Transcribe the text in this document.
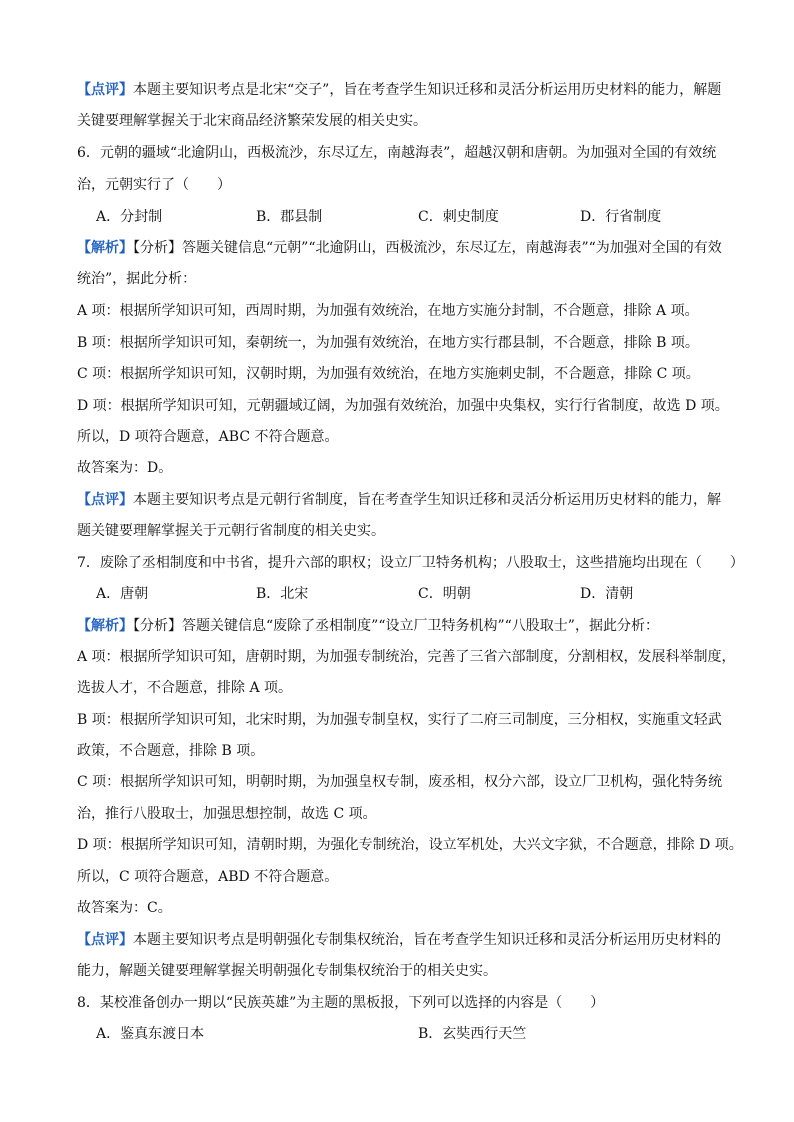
【点评】本题主要知识考点是北宋“交子”，旨在考查学生知识迁移和灵活分析运用历史材料的能力，解题
关键要理解掌握关于北宋商品经济繁荣发展的相关史实。
6．元朝的疆域“北逾阴山，西极流沙，东尽辽左，南越海表”，超越汉朝和唐朝。为加强对全国的有效统
治，元朝实行了（　　）
A．分封制	B．郡县制	C．刺史制度	D．行省制度
【解析】【分析】答题关键信息“元朝”“北逾阴山，西极流沙，东尽辽左，南越海表”“为加强对全国的有效
统治”，据此分析：
A 项：根据所学知识可知，西周时期，为加强有效统治，在地方实施分封制，不合题意，排除 A 项。
B 项：根据所学知识可知，秦朝统一，为加强有效统治，在地方实行郡县制，不合题意，排除 B 项。
C 项：根据所学知识可知，汉朝时期，为加强有效统治，在地方实施刺史制，不合题意，排除 C 项。
D 项：根据所学知识可知，元朝疆域辽阔，为加强有效统治，加强中央集权，实行行省制度，故选 D 项。
所以，D 项符合题意，ABC 不符合题意。
故答案为：D。
【点评】本题主要知识考点是元朝行省制度，旨在考查学生知识迁移和灵活分析运用历史材料的能力，解
题关键要理解掌握关于元朝行省制度的相关史实。
7．废除了丞相制度和中书省，提升六部的职权；设立厂卫特务机构；八股取士，这些措施均出现在（　　）
A．唐朝	B．北宋	C．明朝	D．清朝
【解析】【分析】答题关键信息“废除了丞相制度”“设立厂卫特务机构”“八股取士”，据此分析：
A 项：根据所学知识可知，唐朝时期，为加强专制统治，完善了三省六部制度，分割相权，发展科举制度，
选拔人才，不合题意，排除 A 项。
B 项：根据所学知识可知，北宋时期，为加强专制皇权，实行了二府三司制度，三分相权，实施重文轻武
政策，不合题意，排除 B 项。
C 项：根据所学知识可知，明朝时期，为加强皇权专制，废丞相，权分六部，设立厂卫机构，强化特务统
治，推行八股取士，加强思想控制，故选 C 项。
D 项：根据所学知识可知，清朝时期，为强化专制统治，设立军机处，大兴文字狱，不合题意，排除 D 项。
所以，C 项符合题意，ABD 不符合题意。
故答案为：C。
【点评】本题主要知识考点是明朝强化专制集权统治，旨在考查学生知识迁移和灵活分析运用历史材料的
能力，解题关键要理解掌握关明朝强化专制集权统治于的相关史实。
8．某校准备创办一期以“民族英雄”为主题的黑板报，下列可以选择的内容是（　　）
A．鉴真东渡日本	B．玄奘西行天竺
